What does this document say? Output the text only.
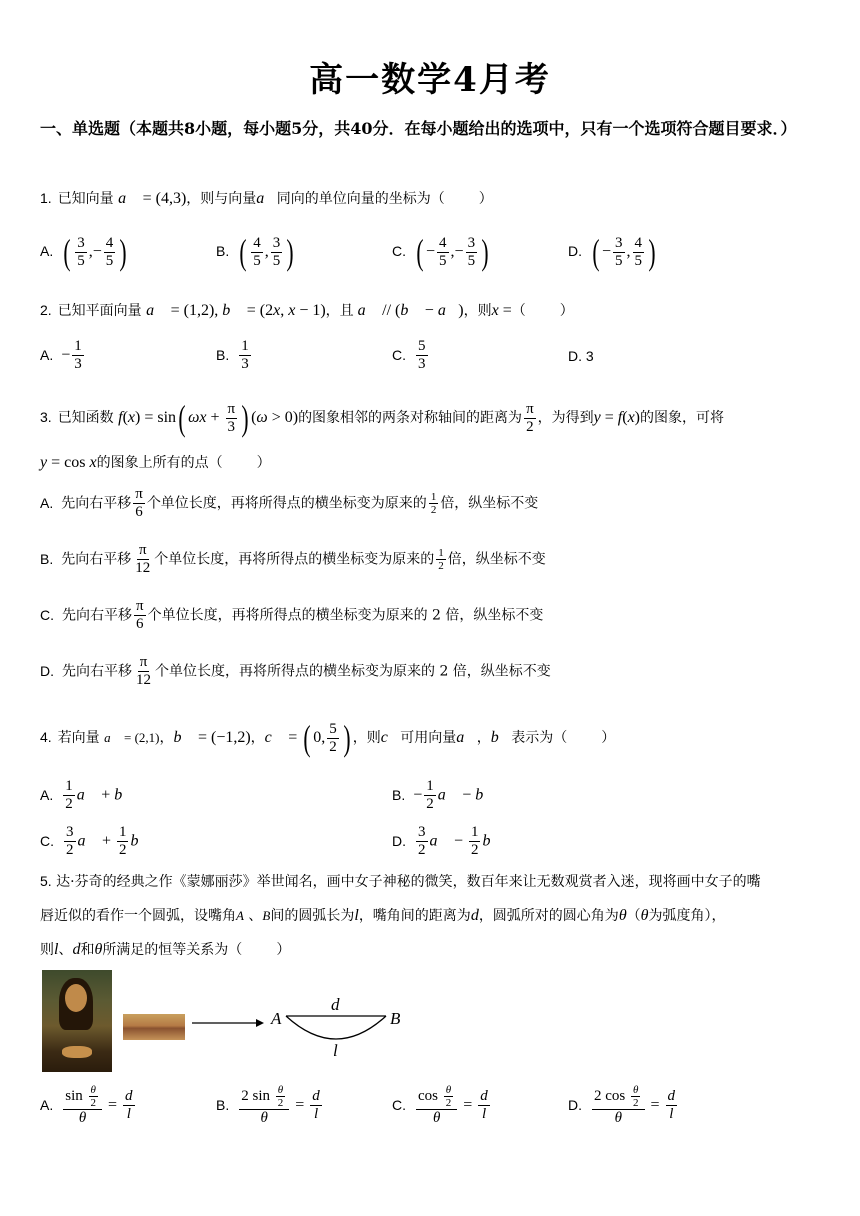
高一数学4月考
一、单选题（本题共8小题，每小题5分，共40分．在每小题给出的选项中，只有一个选项符合题目要求．）
1. 已知向量 a⃗ = (4,3)，则与向量a⃗同向的单位向量的坐标为（ ）
A. ( $\frac{3}{5}$ ,− $\frac{4}{5}$ )	B. ( $\frac{4}{5}$ , $\frac{3}{5}$ )	C. ( − $\frac{4}{5}$ ,− $\frac{3}{5}$ )	D. ( − $\frac{3}{5}$ , $\frac{4}{5}$ )
2. 已知平面向量 a⃗ = (1,2), b⃗ = (2x, x − 1)，且 a⃗ // (b⃗ − a⃗)，则x =（ ）
A. − $\frac{1}{3}$	B. $\frac{1}{3}$	C. $\frac{5}{3}$	D. 3
3. 已知函数 f(x) = sin( $\omega x + \frac{\pi}{3}$ ) (ω > 0)的图象相邻的两条对称轴间的距离为 $\frac{\pi}{2}$ ，为得到y = f(x)的图象，可将
y = cos x的图象上所有的点（ ）
A. 先向右平移 $\frac{\pi}{6}$ 个单位长度，再将所得点的横坐标变为原来的 $\frac{1}{2}$ 倍，纵坐标不变
B. 先向右平移 $\frac{\pi}{12}$ 个单位长度，再将所得点的横坐标变为原来的 $\frac{1}{2}$ 倍，纵坐标不变
C. 先向右平移 $\frac{\pi}{6}$ 个单位长度，再将所得点的横坐标变为原来的 2 倍，纵坐标不变
D. 先向右平移 $\frac{\pi}{12}$ 个单位长度，再将所得点的横坐标变为原来的 2 倍，纵坐标不变
4. 若向量 a⃗ = (2,1)，b⃗ = (−1,2)，c⃗ = ( 0, $\frac{5}{2}$ ) ，则c⃗可用向量a⃗，b⃗表示为（ ）
A. $\frac{1}{2}$ a⃗ + b⃗	B. − $\frac{1}{2}$ a⃗ − b⃗
C. $\frac{3}{2}$ a⃗ + $\frac{1}{2}$ b⃗	D. $\frac{3}{2}$ a⃗ − $\frac{1}{2}$ b⃗
5. 达·芬奇的经典之作《蒙娜丽莎》举世闻名，画中女子神秘的微笑，数百年来让无数观赏者入迷，现将画中女子的嘴
唇近似的看作一个圆弧，设嘴角A 、B间的圆弧长为l，嘴角间的距离为d，圆弧所对的圆心角为θ（θ为弧度角），
则l、d和θ所满足的恒等关系为（ ）
A	B
d
l
A. $\frac{\sin \frac{\theta}{2}}{\theta} = \frac{d}{l}$	B. $\frac{2 \sin \frac{\theta}{2}}{\theta} = \frac{d}{l}$	C. $\frac{\cos \frac{\theta}{2}}{\theta} = \frac{d}{l}$	D. $\frac{2 \cos \frac{\theta}{2}}{\theta} = \frac{d}{l}$
